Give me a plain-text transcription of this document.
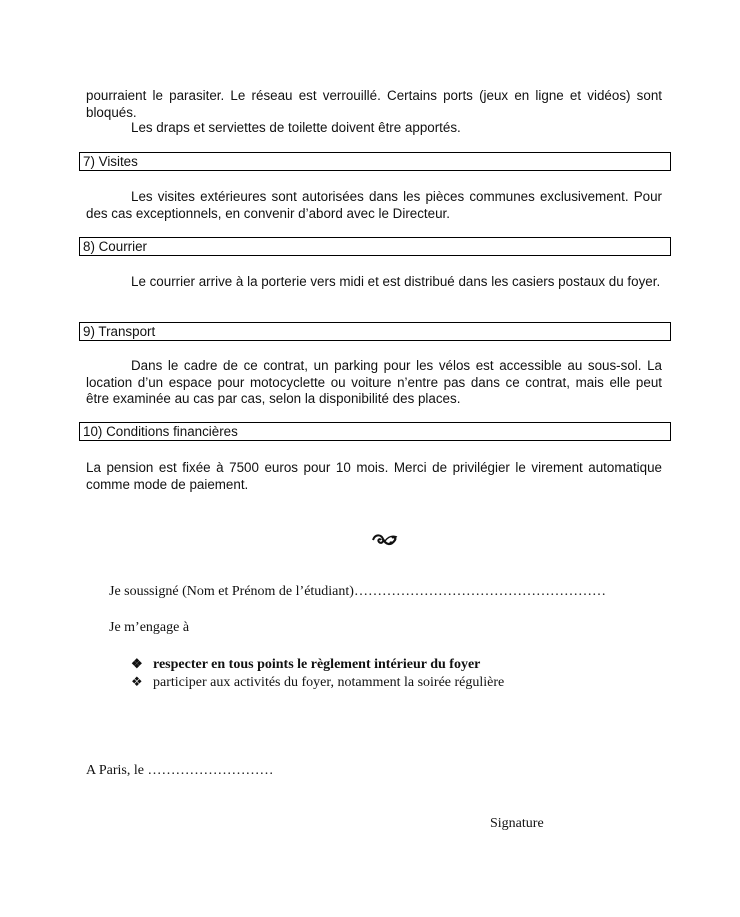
pourraient le parasiter. Le réseau est verrouillé. Certains ports (jeux en ligne et vidéos) sont bloqués.

Les draps et serviettes de toilette doivent être apportés.

7) Visites

Les visites extérieures sont autorisées dans les pièces communes exclusivement. Pour des cas exceptionnels, en convenir d’abord avec le Directeur.

8) Courrier

Le courrier arrive à la porterie vers midi et est distribué dans les casiers postaux du foyer.

9) Transport

Dans le cadre de ce contrat, un parking pour les vélos est accessible au sous-sol. La location d’un espace pour motocyclette ou voiture n’entre pas dans ce contrat, mais elle peut être examinée au cas par cas, selon la disponibilité des places.

10) Conditions financières

La pension est fixée à 7500 euros pour 10 mois. Merci de privilégier le virement automatique comme mode de paiement.

Je soussigné (Nom et Prénom de l’étudiant)………………………………………………
Je m’engage à
❖ respecter en tous points le règlement intérieur du foyer
❖ participer aux activités du foyer, notamment la soirée régulière
A Paris, le ………………………
Signature
